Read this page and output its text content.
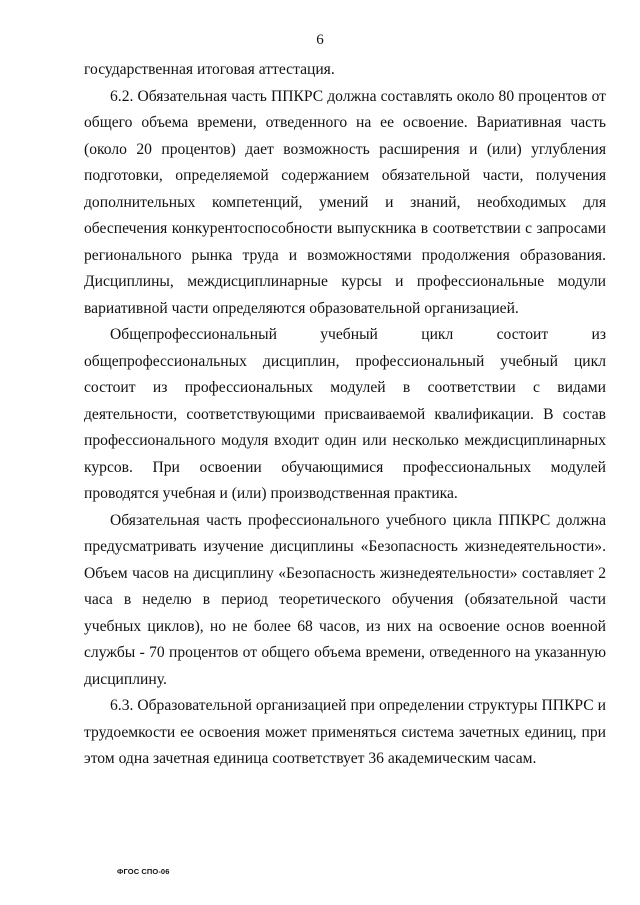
6

государственная итоговая аттестация.

6.2. Обязательная часть ППКРС должна составлять около 80 процентов от общего объема времени, отведенного на ее освоение. Вариативная часть (около 20 процентов) дает возможность расширения и (или) углубления подготовки, определяемой содержанием обязательной части, получения дополнительных компетенций, умений и знаний, необходимых для обеспечения конкурентоспособности выпускника в соответствии с запросами регионального рынка труда и возможностями продолжения образования. Дисциплины, междисциплинарные курсы и профессиональные модули вариативной части определяются образовательной организацией.

Общепрофессиональный учебный цикл состоит из общепрофессиональных дисциплин, профессиональный учебный цикл состоит из профессиональных модулей в соответствии с видами деятельности, соответствующими присваиваемой квалификации. В состав профессионального модуля входит один или несколько междисциплинарных курсов. При освоении обучающимися профессиональных модулей проводятся учебная и (или) производственная практика.

Обязательная часть профессионального учебного цикла ППКРС должна предусматривать изучение дисциплины «Безопасность жизнедеятельности». Объем часов на дисциплину «Безопасность жизнедеятельности» составляет 2 часа в неделю в период теоретического обучения (обязательной части учебных циклов), но не более 68 часов, из них на освоение основ военной службы - 70 процентов от общего объема времени, отведенного на указанную дисциплину.

6.3. Образовательной организацией при определении структуры ППКРС и трудоемкости ее освоения может применяться система зачетных единиц, при этом одна зачетная единица соответствует 36 академическим часам.

ФГОС СПО-06
